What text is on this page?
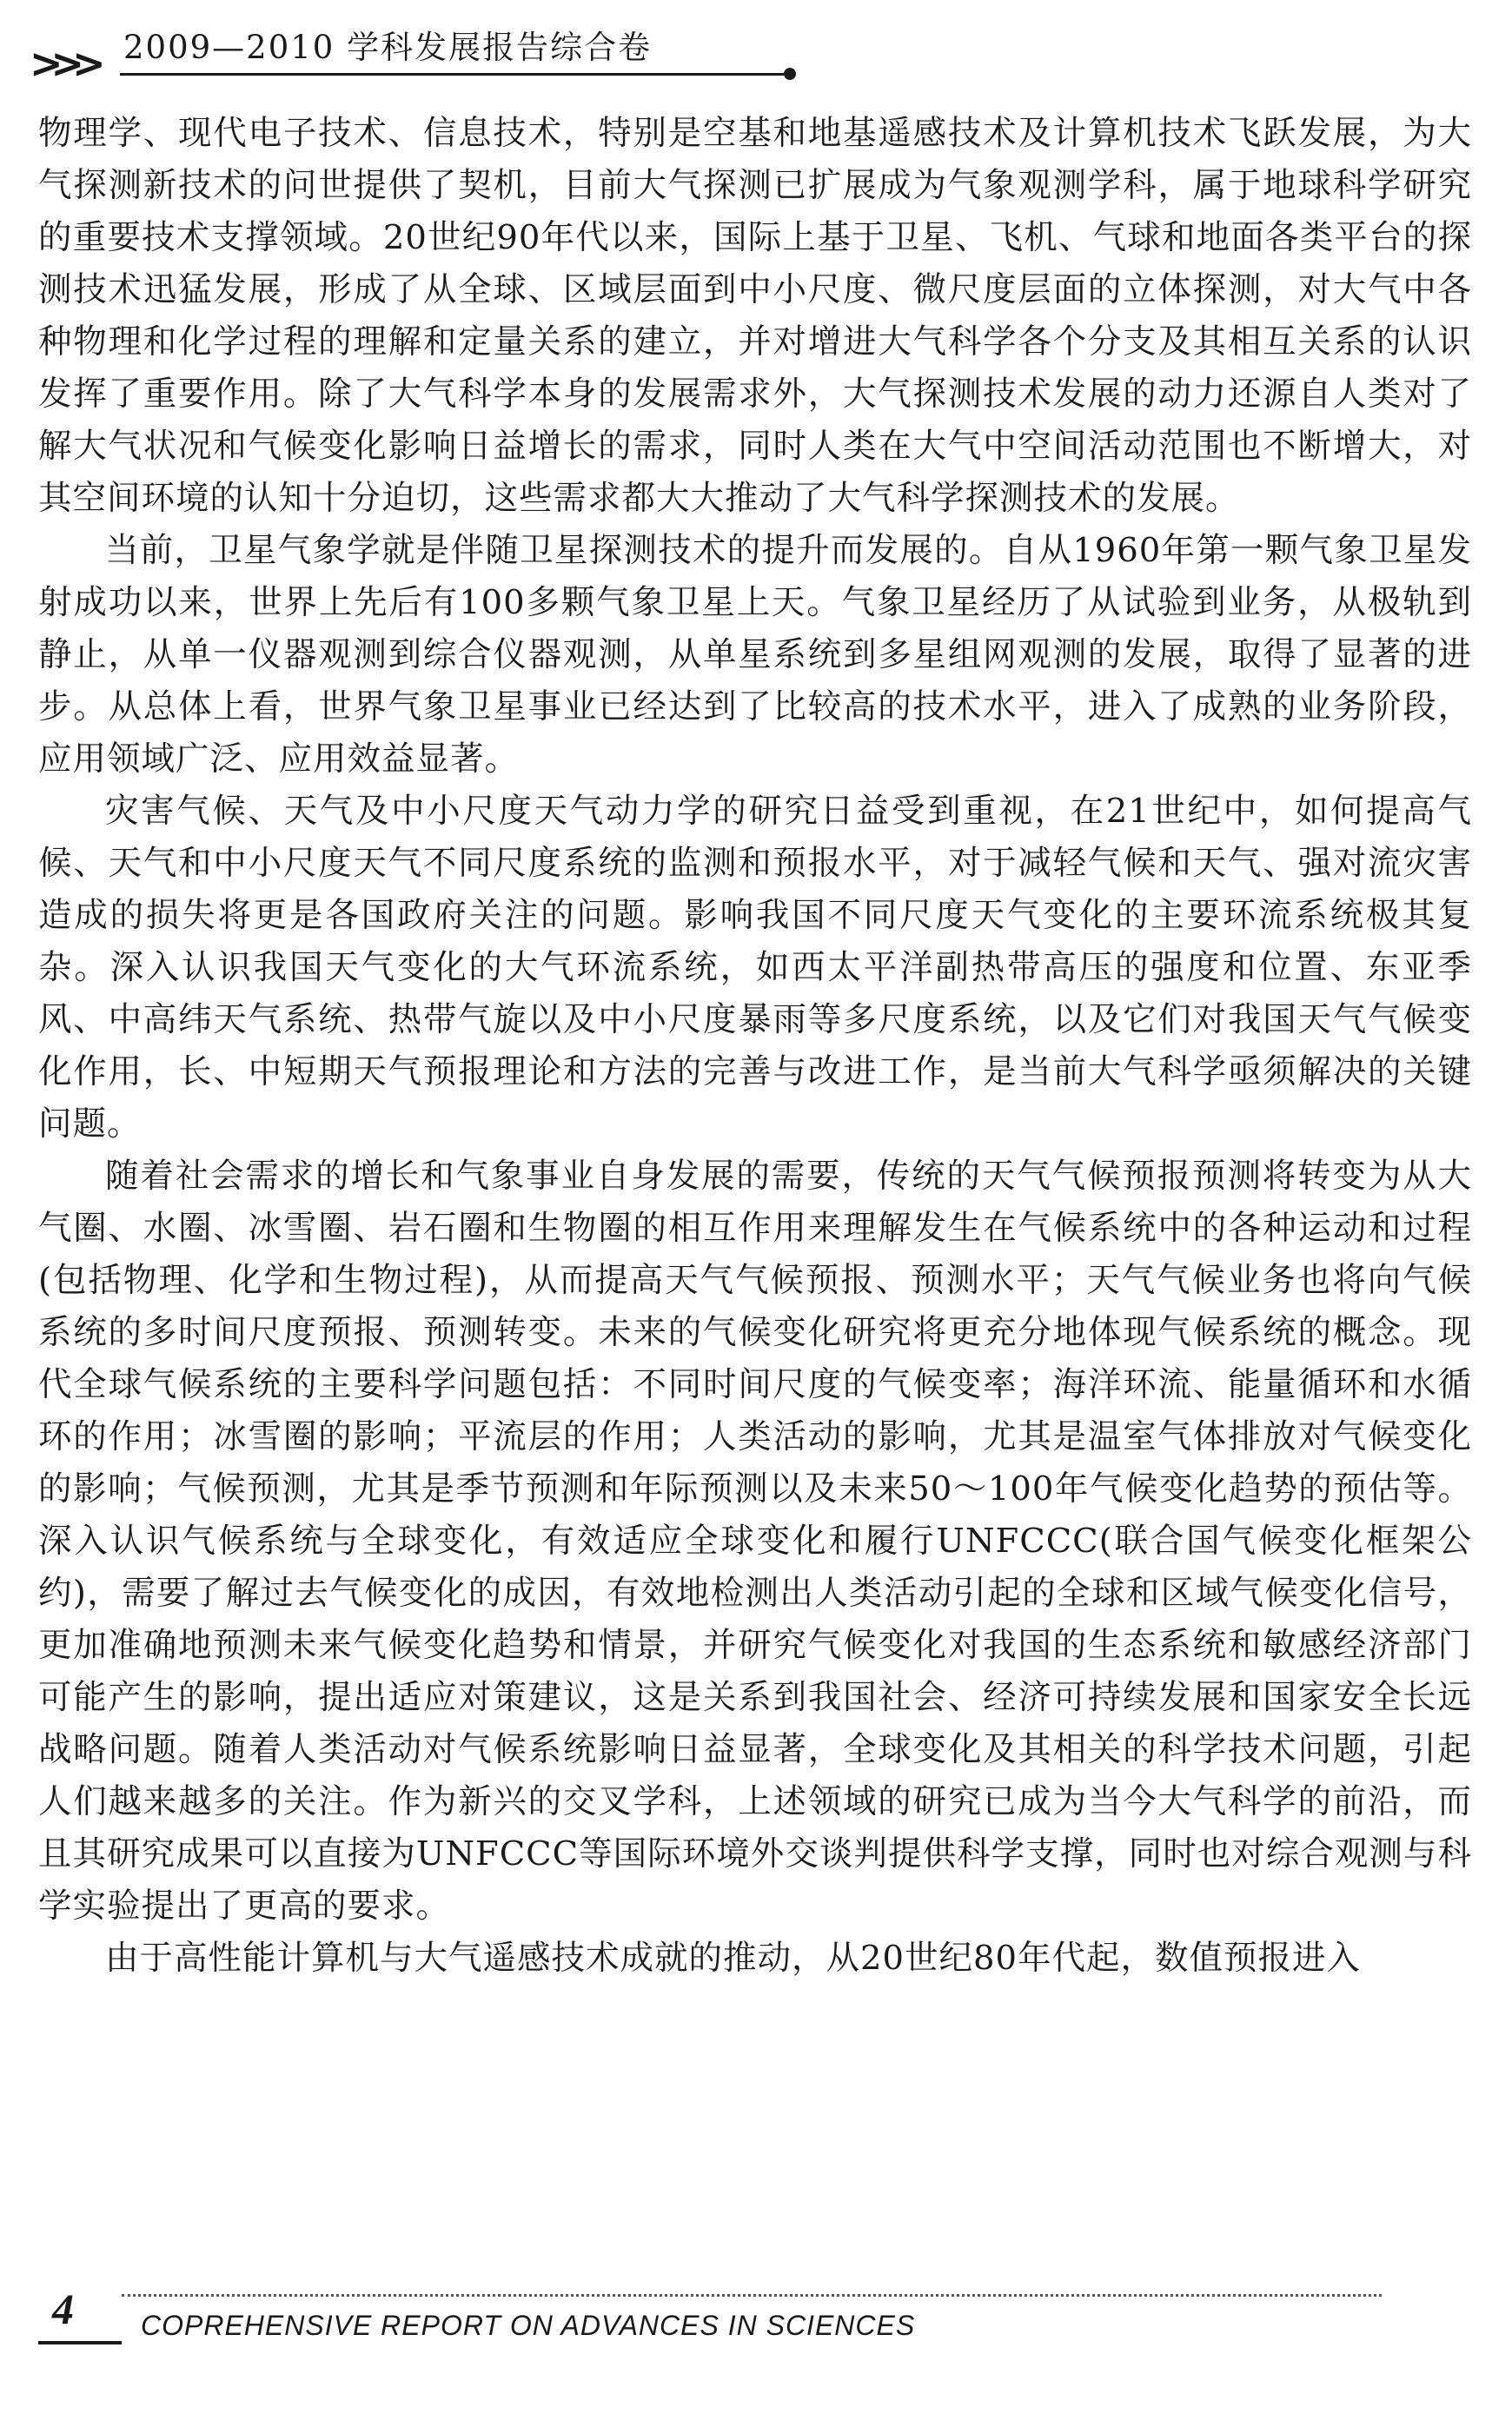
>>> 2009—2010 学科发展报告综合卷

物理学、现代电子技术、信息技术，特别是空基和地基遥感技术及计算机技术飞跃发展，为大气探测新技术的问世提供了契机，目前大气探测已扩展成为气象观测学科，属于地球科学研究的重要技术支撑领域。20世纪90年代以来，国际上基于卫星、飞机、气球和地面各类平台的探测技术迅猛发展，形成了从全球、区域层面到中小尺度、微尺度层面的立体探测，对大气中各种物理和化学过程的理解和定量关系的建立，并对增进大气科学各个分支及其相互关系的认识发挥了重要作用。除了大气科学本身的发展需求外，大气探测技术发展的动力还源自人类对了解大气状况和气候变化影响日益增长的需求，同时人类在大气中空间活动范围也不断增大，对其空间环境的认知十分迫切，这些需求都大大推动了大气科学探测技术的发展。

当前，卫星气象学就是伴随卫星探测技术的提升而发展的。自从1960年第一颗气象卫星发射成功以来，世界上先后有100多颗气象卫星上天。气象卫星经历了从试验到业务，从极轨到静止，从单一仪器观测到综合仪器观测，从单星系统到多星组网观测的发展，取得了显著的进步。从总体上看，世界气象卫星事业已经达到了比较高的技术水平，进入了成熟的业务阶段，应用领域广泛、应用效益显著。

灾害气候、天气及中小尺度天气动力学的研究日益受到重视，在21世纪中，如何提高气候、天气和中小尺度天气不同尺度系统的监测和预报水平，对于减轻气候和天气、强对流灾害造成的损失将更是各国政府关注的问题。影响我国不同尺度天气变化的主要环流系统极其复杂。深入认识我国天气变化的大气环流系统，如西太平洋副热带高压的强度和位置、东亚季风、中高纬天气系统、热带气旋以及中小尺度暴雨等多尺度系统，以及它们对我国天气气候变化作用，长、中短期天气预报理论和方法的完善与改进工作，是当前大气科学亟须解决的关键问题。

随着社会需求的增长和气象事业自身发展的需要，传统的天气气候预报预测将转变为从大气圈、水圈、冰雪圈、岩石圈和生物圈的相互作用来理解发生在气候系统中的各种运动和过程(包括物理、化学和生物过程)，从而提高天气气候预报、预测水平；天气气候业务也将向气候系统的多时间尺度预报、预测转变。未来的气候变化研究将更充分地体现气候系统的概念。现代全球气候系统的主要科学问题包括：不同时间尺度的气候变率；海洋环流、能量循环和水循环的作用；冰雪圈的影响；平流层的作用；人类活动的影响，尤其是温室气体排放对气候变化的影响；气候预测，尤其是季节预测和年际预测以及未来50～100年气候变化趋势的预估等。深入认识气候系统与全球变化，有效适应全球变化和履行UNFCCC(联合国气候变化框架公约)，需要了解过去气候变化的成因，有效地检测出人类活动引起的全球和区域气候变化信号，更加准确地预测未来气候变化趋势和情景，并研究气候变化对我国的生态系统和敏感经济部门可能产生的影响，提出适应对策建议，这是关系到我国社会、经济可持续发展和国家安全长远战略问题。随着人类活动对气候系统影响日益显著，全球变化及其相关的科学技术问题，引起人们越来越多的关注。作为新兴的交叉学科，上述领域的研究已成为当今大气科学的前沿，而且其研究成果可以直接为UNFCCC等国际环境外交谈判提供科学支撑，同时也对综合观测与科学实验提出了更高的要求。

由于高性能计算机与大气遥感技术成就的推动，从20世纪80年代起，数值预报进入

4 COPREHENSIVE REPORT ON ADVANCES IN SCIENCES
